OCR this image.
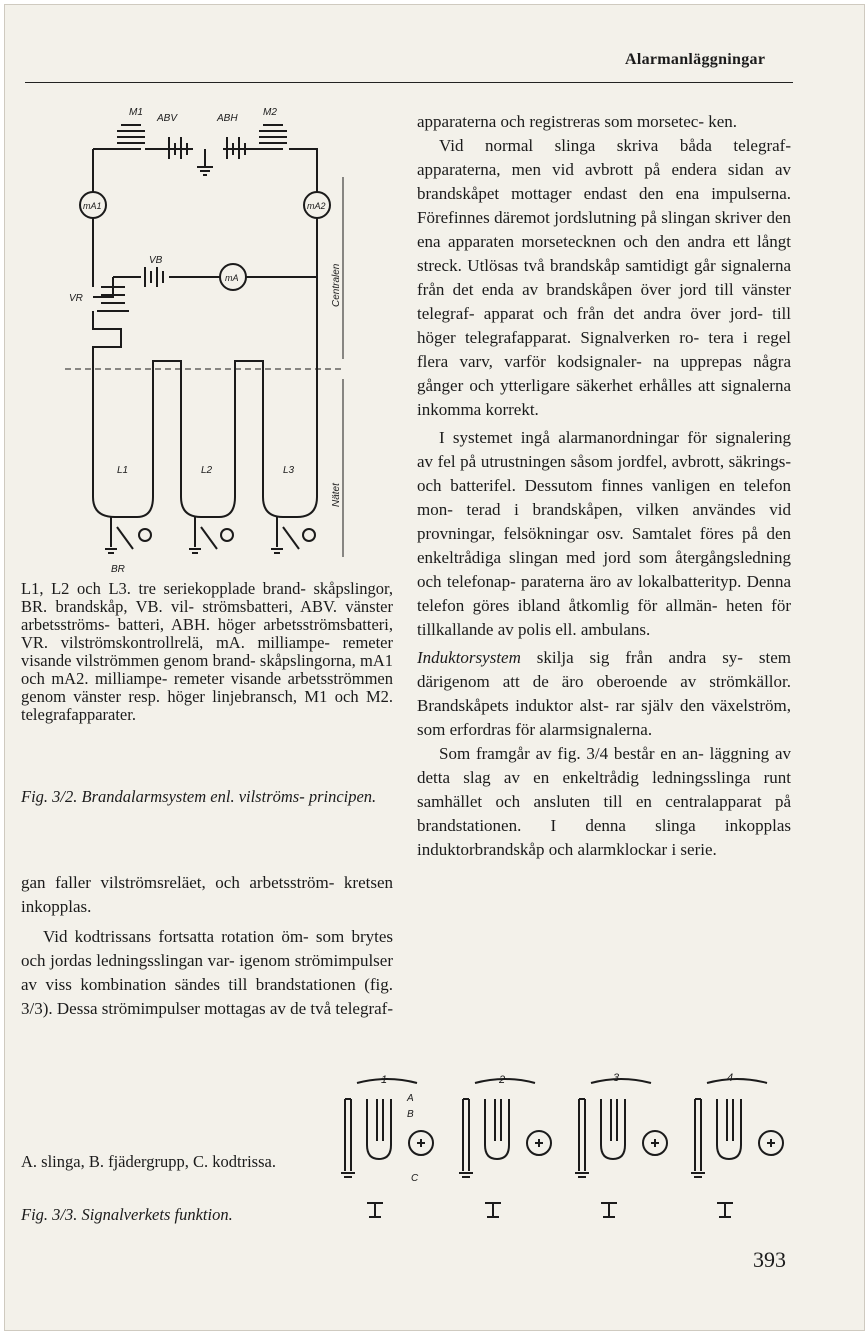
Alarmanläggningar
M1
ABV	ABH
M2
mA1	mA2
VB
mA
VR
L1	L2	L3
BR
Centralen
Nätet
L1, L2 och L3. tre seriekopplade brand- skåpslingor, BR. brandskåp, VB. vil- strömsbatteri, ABV. vänster arbetsströms- batteri, ABH. höger arbetsströmsbatteri, VR. vilströmskontrollrelä, mA. milliampe- remeter visande vilströmmen genom brand- skåpslingorna, mA1 och mA2. milliampe- remeter visande arbetsströmmen genom vänster resp. höger linjebransch, M1 och M2. telegrafapparater.
Fig. 3/2. Brandalarmsystem enl. vilströms- principen.

gan faller vilströmsreläet, och arbetsström- kretsen inkopplas.

Vid kodtrissans fortsatta rotation öm- som brytes och jordas ledningsslingan var- igenom strömimpulser av viss kombination sändes till brandstationen (fig. 3/3). Dessa strömimpulser mottagas av de två telegraf-

apparaterna och registreras som morsetec- ken.

Vid normal slinga skriva båda telegraf- apparaterna, men vid avbrott på endera sidan av brandskåpet mottager endast den ena impulserna. Förefinnes däremot jordslutning på slingan skriver den ena apparaten morsetecknen och den andra ett långt streck. Utlösas två brandskåp samtidigt går signalerna från det enda av brandskåpen över jord till vänster telegraf- apparat och från det andra över jord- till höger telegrafapparat. Signalverken ro- tera i regel flera varv, varför kodsignaler- na upprepas några gånger och ytterligare säkerhet erhålles att signalerna inkomma korrekt.

I systemet ingå alarmanordningar för signalering av fel på utrustningen såsom jordfel, avbrott, säkrings- och batterifel. Dessutom finnes vanligen en telefon mon- terad i brandskåpen, vilken användes vid provningar, felsökningar osv. Samtalet föres på den enkeltrådiga slingan med jord som återgångsledning och telefonap- paraterna äro av lokalbatterityp. Denna telefon göres ibland åtkomlig för allmän- heten för tillkallande av polis ell. ambulans.

Induktorsystem skilja sig från andra sy- stem därigenom att de äro oberoende av strömkällor. Brandskåpets induktor alst- rar själv den växelström, som erfordras för alarmsignalerna.

Som framgår av fig. 3/4 består en an- läggning av detta slag av en enkeltrådig ledningsslinga runt samhället och ansluten till en centralapparat på brandstationen. I denna slinga inkopplas induktorbrandskåp och alarmklockar i serie.

1	2	3	4
A
B
C
A. slinga, B. fjädergrupp, C. kodtrissa.
Fig. 3/3. Signalverkets funktion.
393
